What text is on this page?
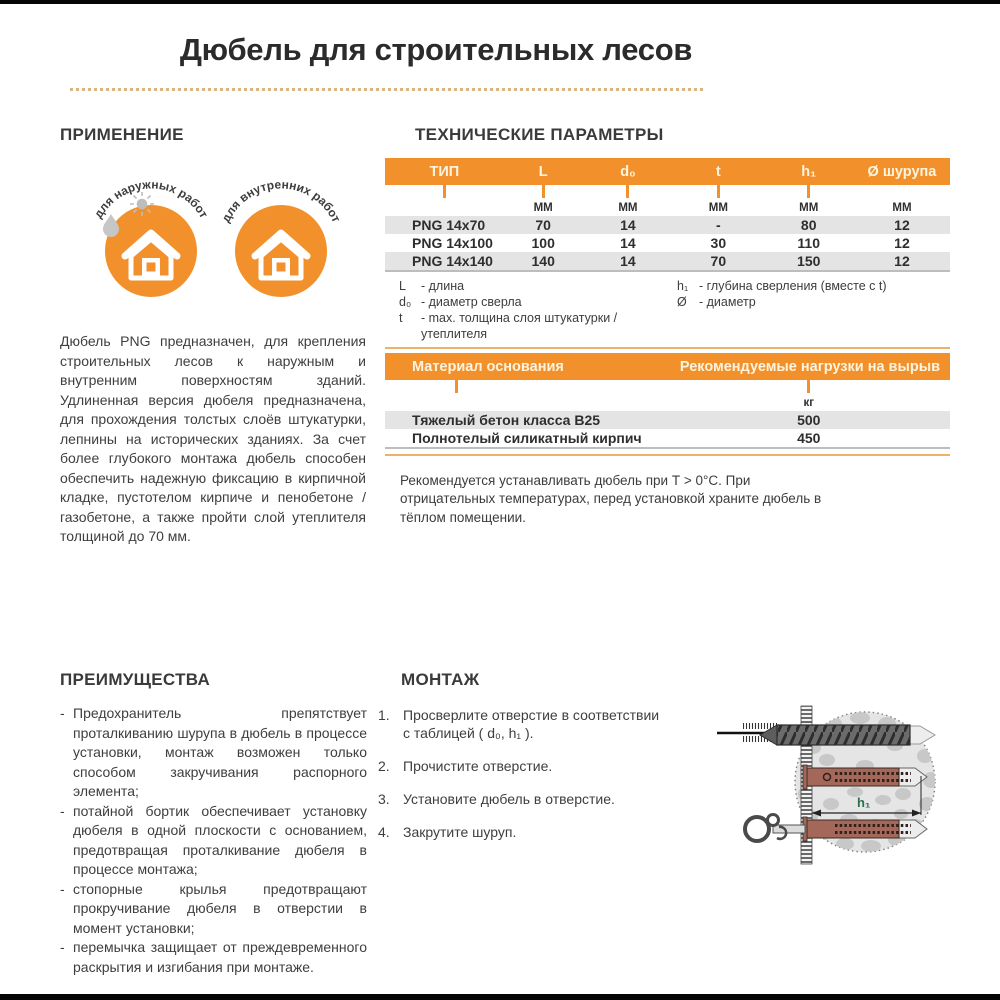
Дюбель для строительных лесов
ПРИМЕНЕНИЕ
❄
для наружных работ для внутренних работ

Дюбель PNG предназначен, для крепления строительных лесов к наружным и внутренним поверхностям зданий. Удлиненная версия дюбеля предназначена, для прохождения толстых слоёв штукатурки, лепнины на исторических зданиях. За счет более глубокого монтажа дюбель способен обеспечить надежную фиксацию в кирпичной кладке, пустотелом кирпиче и пенобетоне / газобетоне, а также пройти слой утеплителя толщиной до 70 мм.

ТЕХНИЧЕСКИЕ ПАРАМЕТРЫ
ТИП	L	d₀	t	h₁	Ø шурупа

	ММ	ММ	ММ	ММ	ММ
PNG 14x70	70	14	-	80	12
PNG 14x100	100	14	30	110	12
PNG 14x140	140	14	70	150	12
L	- длина
d₀	- диаметр сверла
t	- max. толщина слоя штукатурки / утеплителя
h₁	- глубина сверления (вместе с t)
Ø	- диаметр
Материал основания	Рекомендуемые нагрузки на вырыв

	кг
Тяжелый бетон класса B25	500
Полнотелый силикатный кирпич	450

Рекомендуется устанавливать дюбель при Т > 0°С. При отрицательных температурах, перед установкой храните дюбель в тёплом помещении.

ПРЕИМУЩЕСТВА
- Предохранитель препятствует проталкиванию шурупа в дюбель в процессе установки, монтаж возможен только способом закручивания распорного элемента;
- потайной бортик обеспечивает установку дюбеля в одной плоскости с основанием, предотвращая проталкивание дюбеля в процессе монтажа;
- стопорные крылья предотвращают прокручивание дюбеля в отверстии в момент установки;
- перемычка защищает от преждевременного раскрытия и изгибания при монтаже.
МОНТАЖ
1. Просверлите отверстие в соответствии с таблицей ( d₀, h₁ ).
2. Прочистите отверстие.
3. Установите дюбель в отверстие.
4. Закрутите шуруп.
h₁
